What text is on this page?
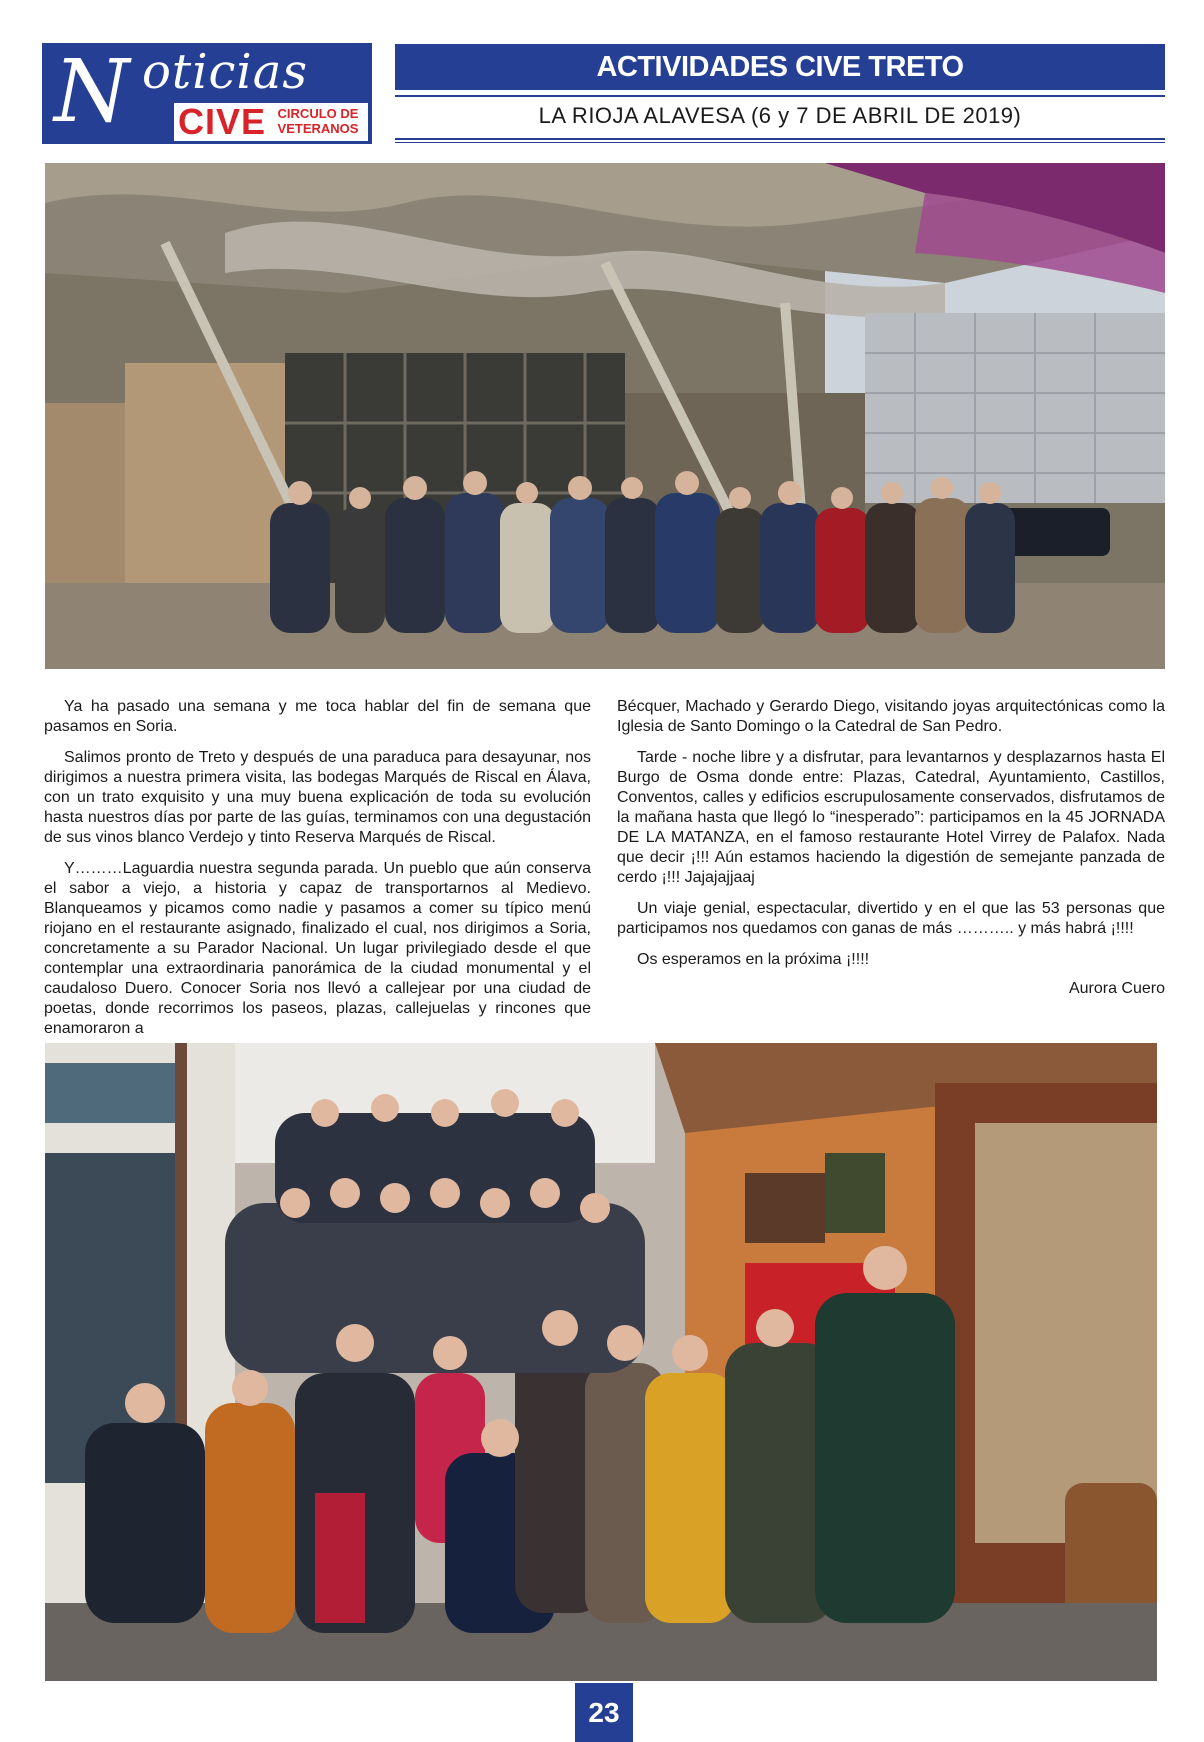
N oticias
CIVE CIRCULO DE
VETERANOS
ACTIVIDADES CIVE TRETO
LA RIOJA ALAVESA (6 y 7 DE ABRIL DE 2019)

Ya ha pasado una semana y me toca hablar del fin de semana que pasamos en Soria.

Salimos pronto de Treto y después de una paraduca para desayunar, nos dirigimos a nuestra primera visita, las bodegas Marqués de Riscal en Álava, con un trato exquisito y una muy buena explicación de toda su evolución hasta nuestros días por parte de las guías, terminamos con una degustación de sus vinos blanco Verdejo y tinto Reserva Marqués de Riscal.

Y………Laguardia nuestra segunda parada. Un pueblo que aún conserva el sabor a viejo, a historia y capaz de transportarnos al Medievo. Blanqueamos y picamos como nadie y pasamos a comer su típico menú riojano en el restaurante asignado, finalizado el cual, nos dirigimos a Soria, concretamente a su Parador Nacional. Un lugar privilegiado desde el que contemplar una extraordinaria panorámica de la ciudad monumental y el caudaloso Duero. Conocer Soria nos llevó a callejear por una ciudad de poetas, donde recorrimos los paseos, plazas, callejuelas y rincones que enamoraron a

Bécquer, Machado y Gerardo Diego, visitando joyas arquitectónicas como la Iglesia de Santo Domingo o la Catedral de San Pedro.

Tarde - noche libre y a disfrutar, para levantarnos y desplazarnos hasta El Burgo de Osma donde entre: Plazas, Catedral, Ayuntamiento, Castillos, Conventos, calles y edificios escrupulosamente conservados, disfrutamos de la mañana hasta que llegó lo “inesperado”: participamos en la 45 JORNADA DE LA MATANZA, en el famoso restaurante Hotel Virrey de Palafox. Nada que decir ¡!!! Aún estamos haciendo la digestión de semejante panzada de cerdo ¡!!! Jajajajjaaj

Un viaje genial, espectacular, divertido y en el que las 53 personas que participamos nos quedamos con ganas de más ……….. y más habrá ¡!!!!

Os esperamos en la próxima ¡!!!!

Aurora Cuero

23
